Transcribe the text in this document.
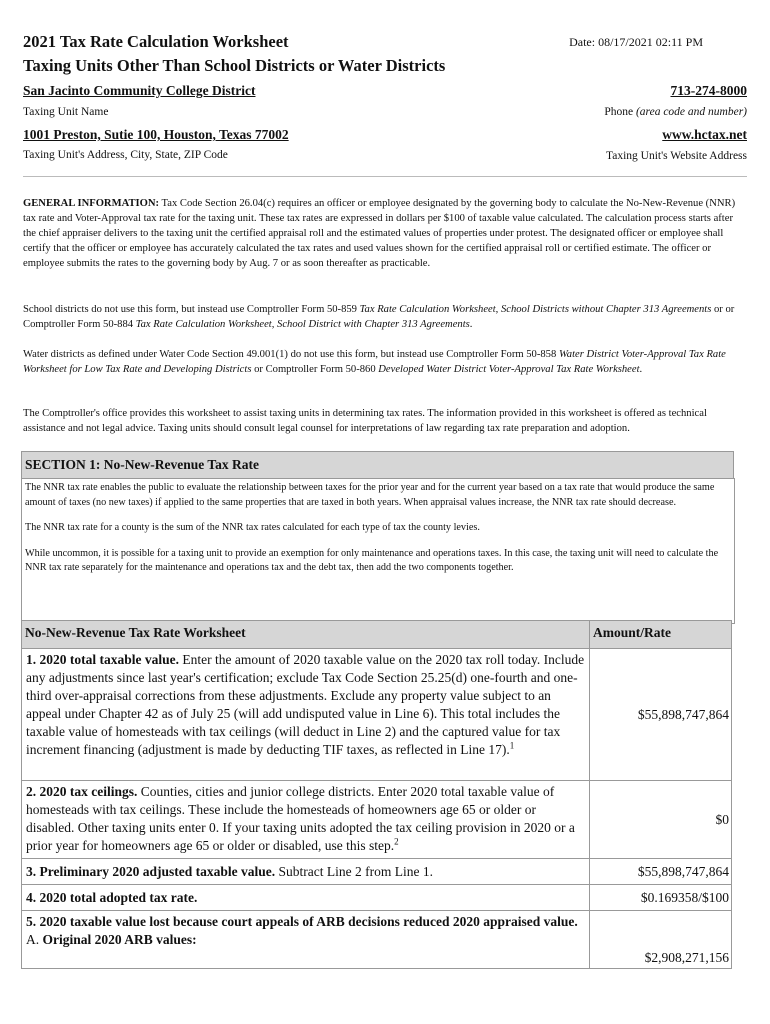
2021 Tax Rate Calculation Worksheet
Taxing Units Other Than School Districts or Water Districts
Date: 08/17/2021 02:11 PM
San Jacinto Community College District
Taxing Unit Name
713-274-8000
Phone (area code and number)
1001 Preston, Sutie 100, Houston, Texas 77002
Taxing Unit's Address, City, State, ZIP Code
www.hctax.net
Taxing Unit's Website Address
GENERAL INFORMATION: Tax Code Section 26.04(c) requires an officer or employee designated by the governing body to calculate the No-New-Revenue (NNR) tax rate and Voter-Approval tax rate for the taxing unit. These tax rates are expressed in dollars per $100 of taxable value calculated. The calculation process starts after the chief appraiser delivers to the taxing unit the certified appraisal roll and the estimated values of properties under protest. The designated officer or employee shall certify that the officer or employee has accurately calculated the tax rates and used values shown for the certified appraisal roll or certified estimate. The officer or employee submits the rates to the governing body by Aug. 7 or as soon thereafter as practicable.
School districts do not use this form, but instead use Comptroller Form 50-859 Tax Rate Calculation Worksheet, School Districts without Chapter 313 Agreements or or Comptroller Form 50-884 Tax Rate Calculation Worksheet, School District with Chapter 313 Agreements.
Water districts as defined under Water Code Section 49.001(1) do not use this form, but instead use Comptroller Form 50-858 Water District Voter-Approval Tax Rate Worksheet for Low Tax Rate and Developing Districts or Comptroller Form 50-860 Developed Water District Voter-Approval Tax Rate Worksheet.
The Comptroller's office provides this worksheet to assist taxing units in determining tax rates. The information provided in this worksheet is offered as technical assistance and not legal advice. Taxing units should consult legal counsel for interpretations of law regarding tax rate preparation and adoption.
SECTION 1: No-New-Revenue Tax Rate

The NNR tax rate enables the public to evaluate the relationship between taxes for the prior year and for the current year based on a tax rate that would produce the same amount of taxes (no new taxes) if applied to the same properties that are taxed in both years. When appraisal values increase, the NNR tax rate should decrease.

The NNR tax rate for a county is the sum of the NNR tax rates calculated for each type of tax the county levies.

While uncommon, it is possible for a taxing unit to provide an exemption for only maintenance and operations taxes. In this case, the taxing unit will need to calculate the NNR tax rate separately for the maintenance and operations tax and the debt tax, then add the two components together.

No-New-Revenue Tax Rate Worksheet	Amount/Rate
1. 2020 total taxable value. Enter the amount of 2020 taxable value on the 2020 tax roll today. Include any adjustments since last year's certification; exclude Tax Code Section 25.25(d) one-fourth and one-third over-appraisal corrections from these adjustments. Exclude any property value subject to an appeal under Chapter 42 as of July 25 (will add undisputed value in Line 6). This total includes the taxable value of homesteads with tax ceilings (will deduct in Line 2) and the captured value for tax increment financing (adjustment is made by deducting TIF taxes, as reflected in Line 17).$^1$	$55,898,747,864
2. 2020 tax ceilings. Counties, cities and junior college districts. Enter 2020 total taxable value of homesteads with tax ceilings. These include the homesteads of homeowners age 65 or older or disabled. Other taxing units enter 0. If your taxing units adopted the tax ceiling provision in 2020 or a prior year for homeowners age 65 or older or disabled, use this step.$^2$	$0
3. Preliminary 2020 adjusted taxable value. Subtract Line 2 from Line 1.	$55,898,747,864
4. 2020 total adopted tax rate.	$0.169358/$100
5. 2020 taxable value lost because court appeals of ARB decisions reduced 2020 appraised value.
A. Original 2020 ARB values:	$2,908,271,156
